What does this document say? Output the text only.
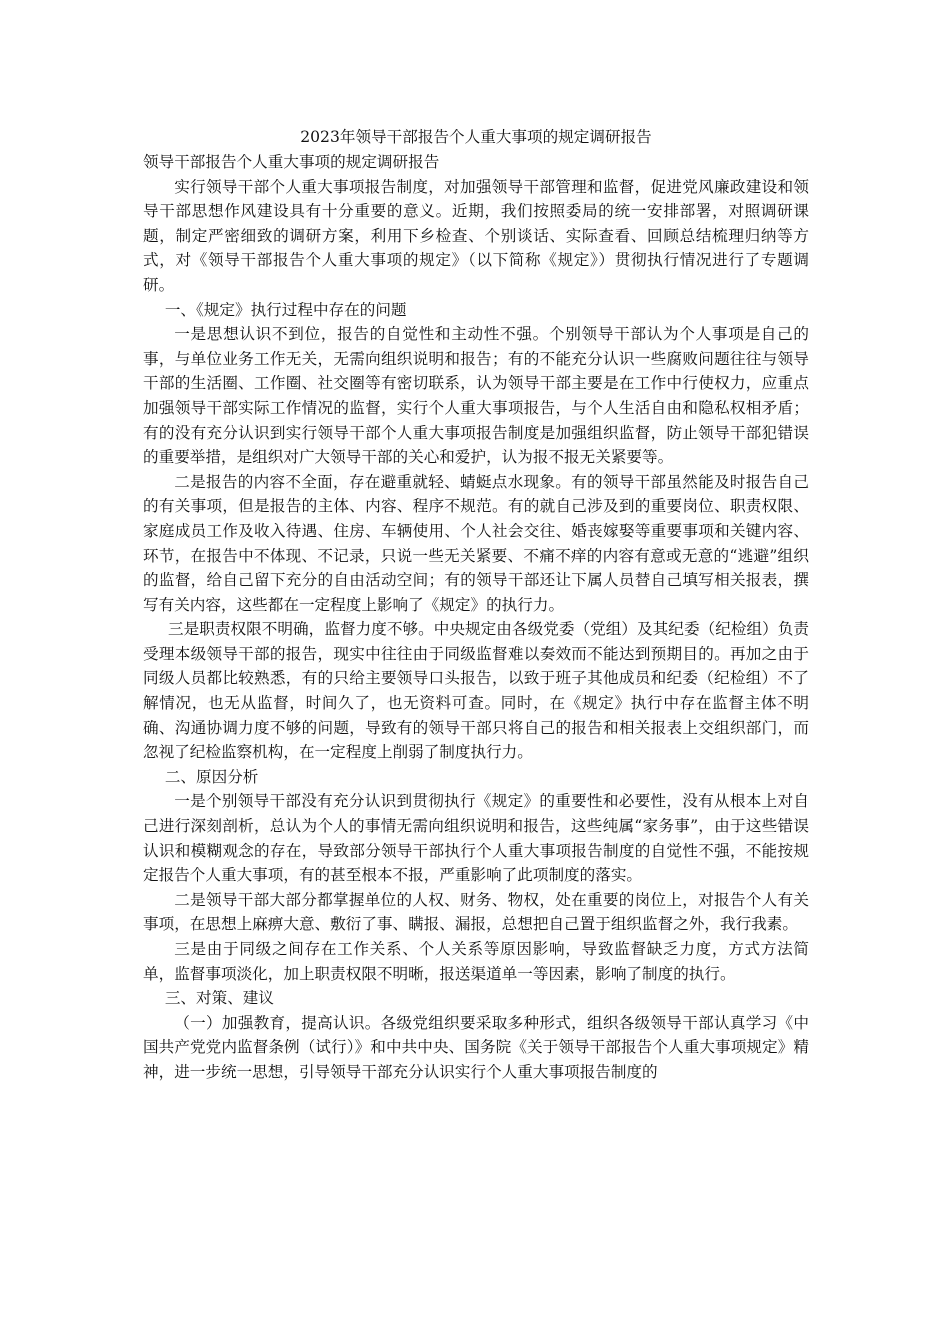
2023年领导干部报告个人重大事项的规定调研报告

领导干部报告个人重大事项的规定调研报告

实行领导干部个人重大事项报告制度，对加强领导干部管理和监督，促进党风廉政建设和领导干部思想作风建设具有十分重要的意义。近期，我们按照委局的统一安排部署，对照调研课题，制定严密细致的调研方案，利用下乡检查、个别谈话、实际查看、回顾总结梳理归纳等方式，对《领导干部报告个人重大事项的规定》（以下简称《规定》）贯彻执行情况进行了专题调研。

一、《规定》执行过程中存在的问题

一是思想认识不到位，报告的自觉性和主动性不强。个别领导干部认为个人事项是自己的事，与单位业务工作无关，无需向组织说明和报告；有的不能充分认识一些腐败问题往往与领导干部的生活圈、工作圈、社交圈等有密切联系，认为领导干部主要是在工作中行使权力，应重点加强领导干部实际工作情况的监督，实行个人重大事项报告，与个人生活自由和隐私权相矛盾；有的没有充分认识到实行领导干部个人重大事项报告制度是加强组织监督，防止领导干部犯错误的重要举措，是组织对广大领导干部的关心和爱护，认为报不报无关紧要等。

二是报告的内容不全面，存在避重就轻、蜻蜓点水现象。有的领导干部虽然能及时报告自己的有关事项，但是报告的主体、内容、程序不规范。有的就自己涉及到的重要岗位、职责权限、家庭成员工作及收入待遇、住房、车辆使用、个人社会交往、婚丧嫁娶等重要事项和关键内容、环节，在报告中不体现、不记录，只说一些无关紧要、不痛不痒的内容有意或无意的“逃避”组织的监督，给自己留下充分的自由活动空间；有的领导干部还让下属人员替自己填写相关报表，撰写有关内容，这些都在一定程度上影响了《规定》的执行力。

三是职责权限不明确，监督力度不够。中央规定由各级党委（党组）及其纪委（纪检组）负责受理本级领导干部的报告，现实中往往由于同级监督难以奏效而不能达到预期目的。再加之由于同级人员都比较熟悉，有的只给主要领导口头报告，以致于班子其他成员和纪委（纪检组）不了解情况，也无从监督，时间久了，也无资料可查。同时，在《规定》执行中存在监督主体不明确、沟通协调力度不够的问题，导致有的领导干部只将自己的报告和相关报表上交组织部门，而忽视了纪检监察机构，在一定程度上削弱了制度执行力。

二、原因分析

一是个别领导干部没有充分认识到贯彻执行《规定》的重要性和必要性，没有从根本上对自己进行深刻剖析，总认为个人的事情无需向组织说明和报告，这些纯属“家务事”，由于这些错误认识和模糊观念的存在，导致部分领导干部执行个人重大事项报告制度的自觉性不强，不能按规定报告个人重大事项，有的甚至根本不报，严重影响了此项制度的落实。

二是领导干部大部分都掌握单位的人权、财务、物权，处在重要的岗位上，对报告个人有关事项，在思想上麻痹大意、敷衍了事、瞒报、漏报，总想把自己置于组织监督之外，我行我素。

三是由于同级之间存在工作关系、个人关系等原因影响，导致监督缺乏力度，方式方法简单，监督事项淡化，加上职责权限不明晰，报送渠道单一等因素，影响了制度的执行。

三、对策、建议

（一）加强教育，提高认识。各级党组织要采取多种形式，组织各级领导干部认真学习《中国共产党党内监督条例（试行）》和中共中央、国务院《关于领导干部报告个人重大事项规定》精神，进一步统一思想，引导领导干部充分认识实行个人重大事项报告制度的
